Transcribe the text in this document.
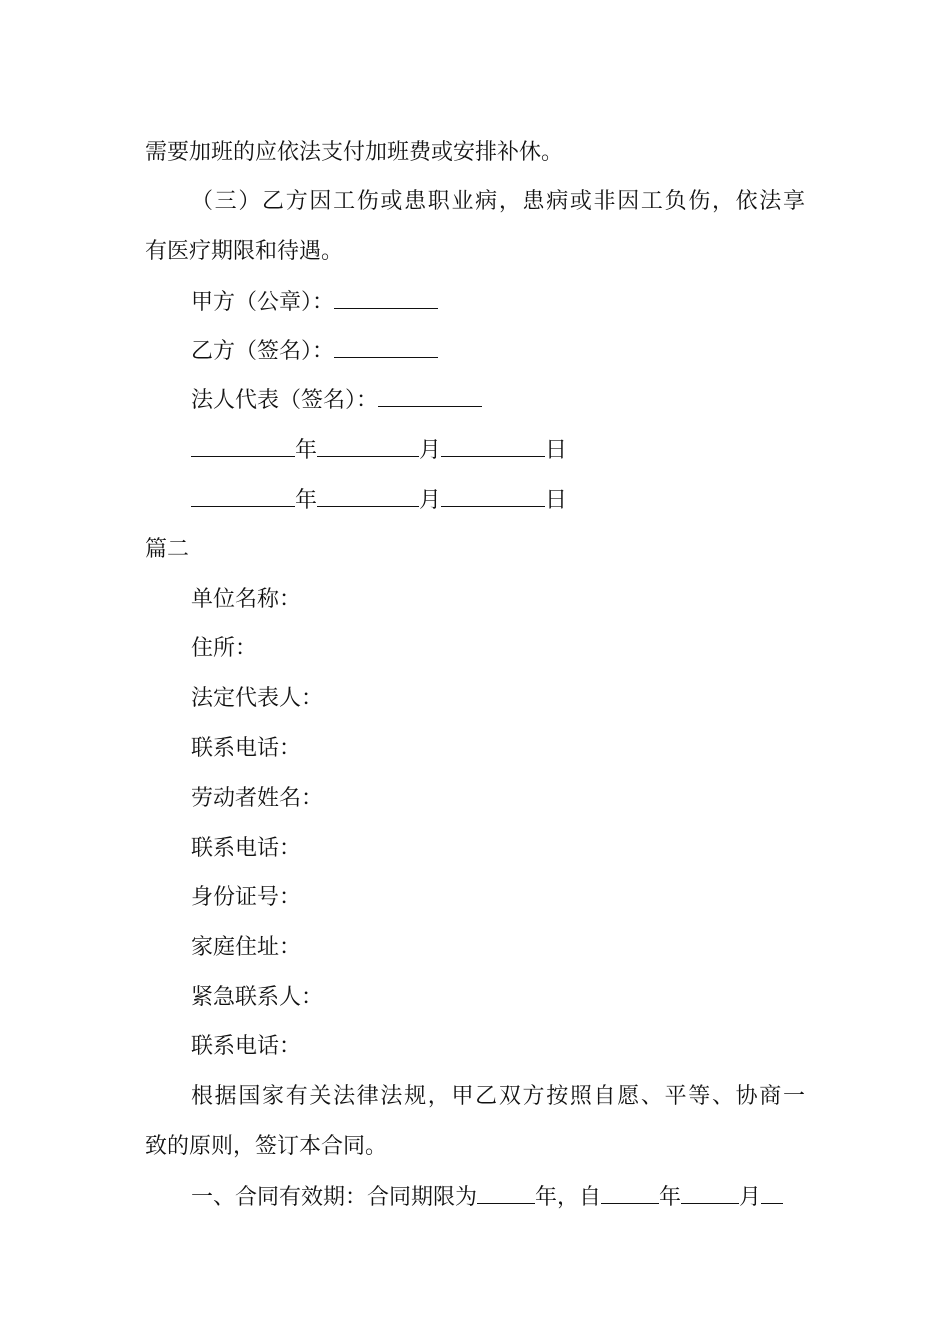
需要加班的应依法支付加班费或安排补休。

（三）乙方因工伤或患职业病，患病或非因工负伤，依法享

有医疗期限和待遇。

甲方（公章）：

乙方（签名）：

法人代表（签名）：

年	月	日

年	月	日

篇二

单位名称：

住所：

法定代表人：

联系电话：

劳动者姓名：

联系电话：

身份证号：

家庭住址：

紧急联系人：

联系电话：

根据国家有关法律法规，甲乙双方按照自愿、平等、协商一

致的原则，签订本合同。

一、合同有效期：合同期限为	年，自	年	月
